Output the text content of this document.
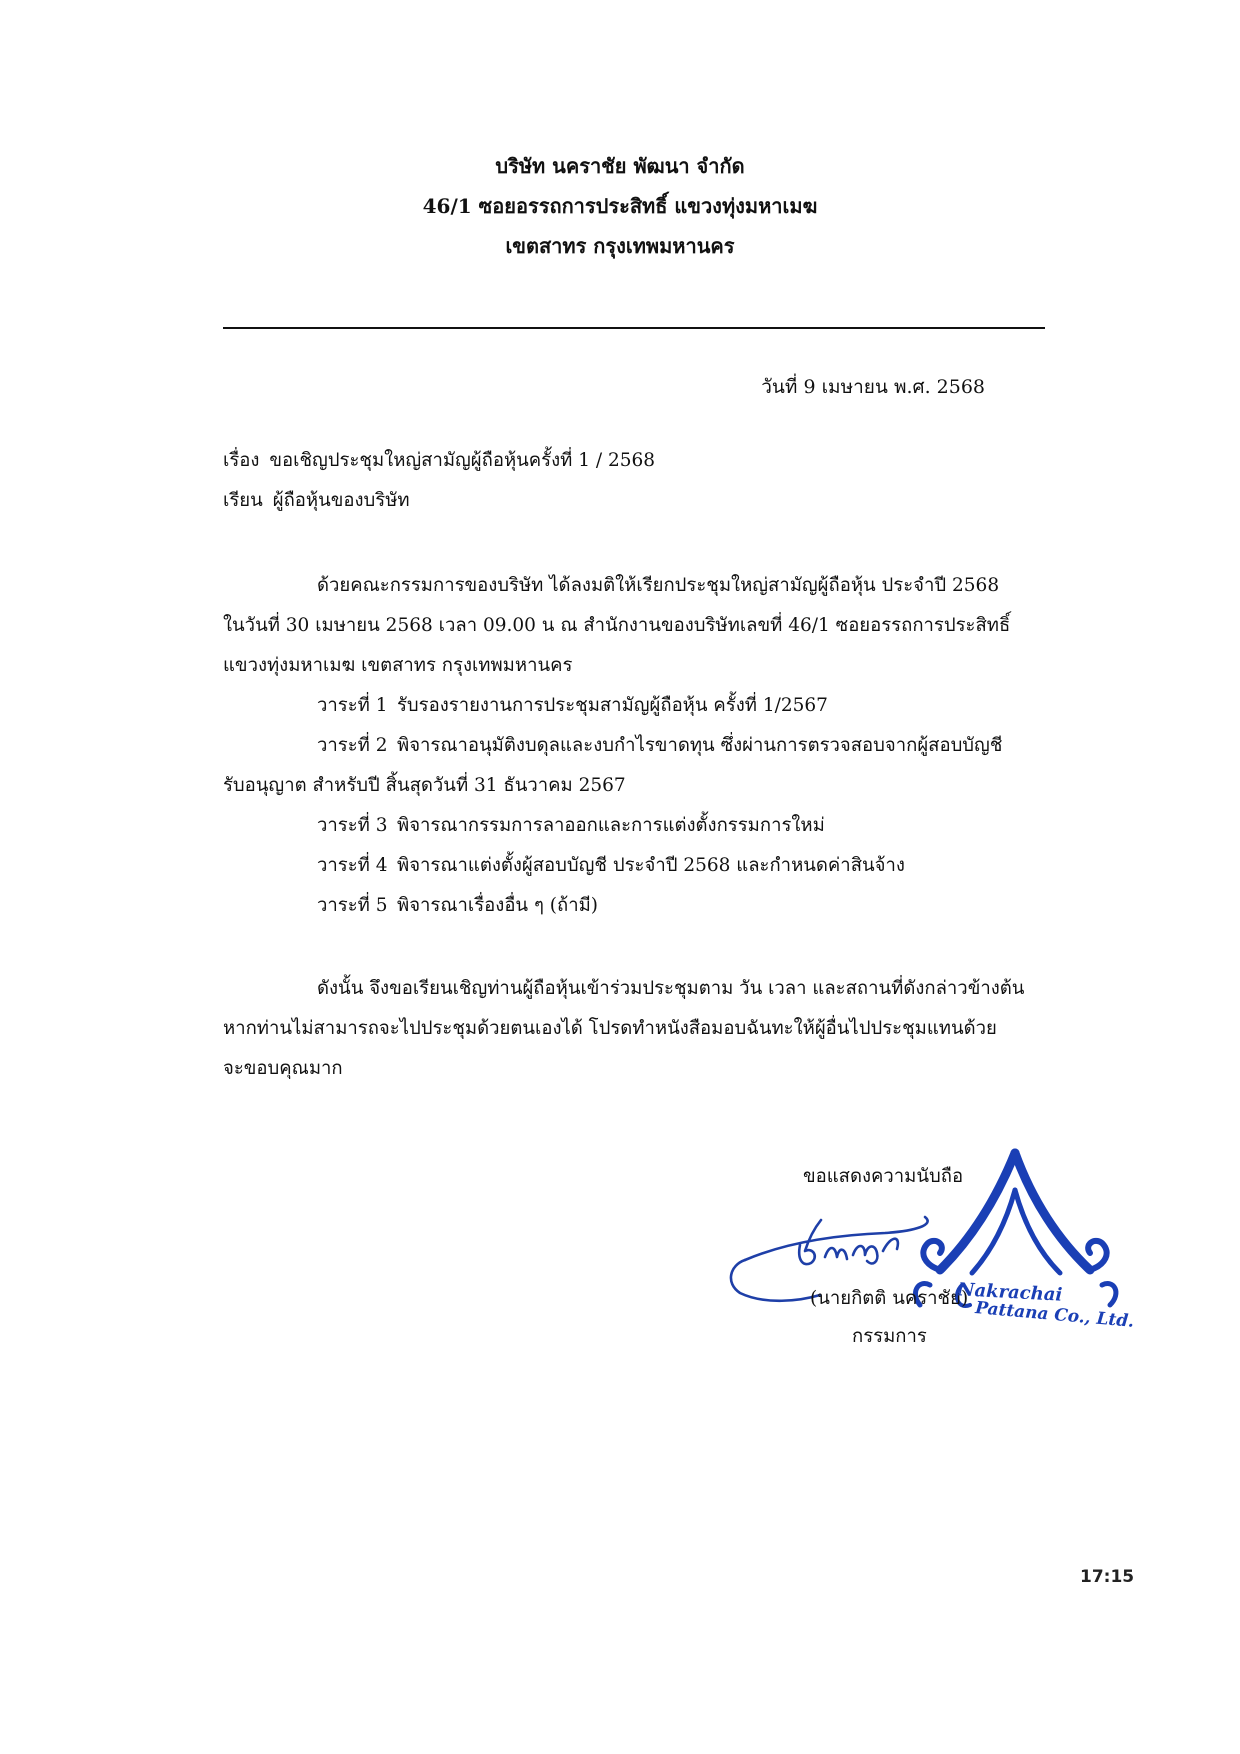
บริษัท นคราชัย พัฒนา จำกัด
46/1 ซอยอรรถการประสิทธิ์ แขวงทุ่งมหาเมฆ
เขตสาทร กรุงเทพมหานคร
วันที่ 9 เมษายน พ.ศ. 2568
เรื่อง ขอเชิญประชุมใหญ่สามัญผู้ถือหุ้นครั้งที่ 1 / 2568
เรียน ผู้ถือหุ้นของบริษัท
ด้วยคณะกรรมการของบริษัท ได้ลงมติให้เรียกประชุมใหญ่สามัญผู้ถือหุ้น ประจำปี 2568
ในวันที่ 30 เมษายน 2568 เวลา 09.00 น ณ สำนักงานของบริษัทเลขที่ 46/1 ซอยอรรถการประสิทธิ์
แขวงทุ่งมหาเมฆ เขตสาทร กรุงเทพมหานคร
วาระที่ 1 รับรองรายงานการประชุมสามัญผู้ถือหุ้น ครั้งที่ 1/2567
วาระที่ 2 พิจารณาอนุมัติงบดุลและงบกำไรขาดทุน ซึ่งผ่านการตรวจสอบจากผู้สอบบัญชี
รับอนุญาต สำหรับปี สิ้นสุดวันที่ 31 ธันวาคม 2567
วาระที่ 3 พิจารณากรรมการลาออกและการแต่งตั้งกรรมการใหม่
วาระที่ 4 พิจารณาแต่งตั้งผู้สอบบัญชี ประจำปี 2568 และกำหนดค่าสินจ้าง
วาระที่ 5 พิจารณาเรื่องอื่น ๆ (ถ้ามี)
ดังนั้น จึงขอเรียนเชิญท่านผู้ถือหุ้นเข้าร่วมประชุมตาม วัน เวลา และสถานที่ดังกล่าวข้างต้น
หากท่านไม่สามารถจะไปประชุมด้วยตนเองได้ โปรดทำหนังสือมอบฉันทะให้ผู้อื่นไปประชุมแทนด้วย
จะขอบคุณมาก
ขอแสดงความนับถือ
(นายกิตติ นคราชัย)
Nakrachai
Pattana Co., Ltd.
กรรมการ
17:15
